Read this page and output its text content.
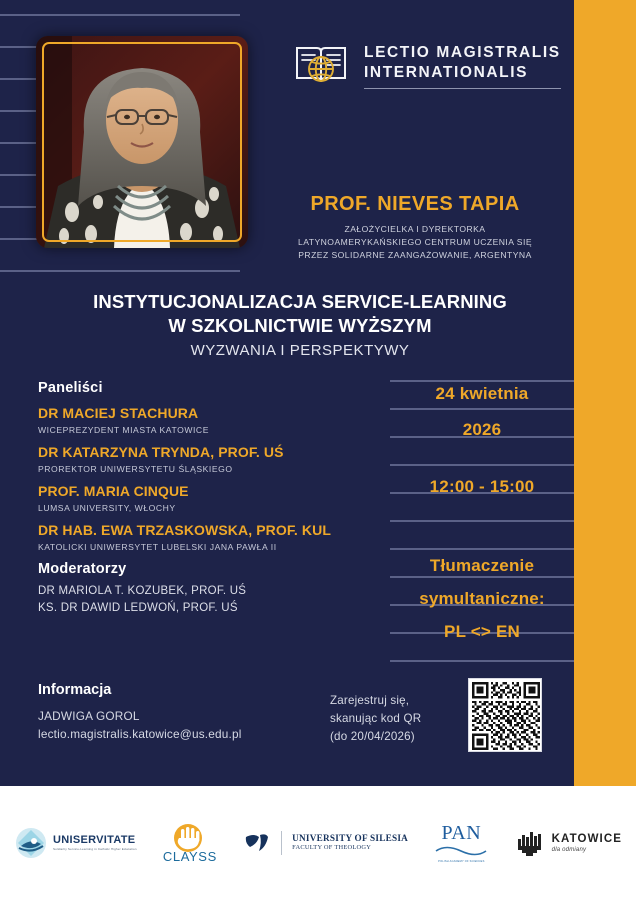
LECTIO MAGISTRALIS
INTERNATIONALIS
PROF. NIEVES TAPIA
ZAŁOŻYCIELKA I DYREKTORKA
LATYNOAMERYKAŃSKIEGO CENTRUM UCZENIA SIĘ
PRZEZ SOLIDARNE ZAANGAŻOWANIE, ARGENTYNA
INSTYTUCJONALIZACJA SERVICE-LEARNING
W SZKOLNICTWIE WYŻSZYM
WYZWANIA I PERSPEKTYWY
Paneliści
DR MACIEJ STACHURA
WICEPREZYDENT MIASTA KATOWICE
DR KATARZYNA TRYNDA, PROF. UŚ
PROREKTOR UNIWERSYTETU ŚLĄSKIEGO
PROF. MARIA CINQUE
LUMSA UNIVERSITY, WŁOCHY
DR HAB. EWA TRZASKOWSKA, PROF. KUL
KATOLICKI UNIWERSYTET LUBELSKI JANA PAWŁA II
Moderatorzy
DR MARIOLA T. KOZUBEK, PROF. UŚ
KS. DR DAWID LEDWOŃ, PROF. UŚ
24 kwietnia
2026
12:00 - 15:00
Tłumaczenie
symultaniczne:
PL <> EN
Informacja
JADWIGA GOROL
lectio.magistralis.katowice@us.edu.pl
Zarejestruj się,
skanując kod QR
(do 20/04/2026)
UNISERVITATE
Solidarity Service-Learning in Catholic Higher Education CLAYSS
UNIVERSITY OF SILESIA
FACULTY OF THEOLOGY
PAN
POLISH ACADEMY OF SCIENCES
KATOWICE
dla odmiany
